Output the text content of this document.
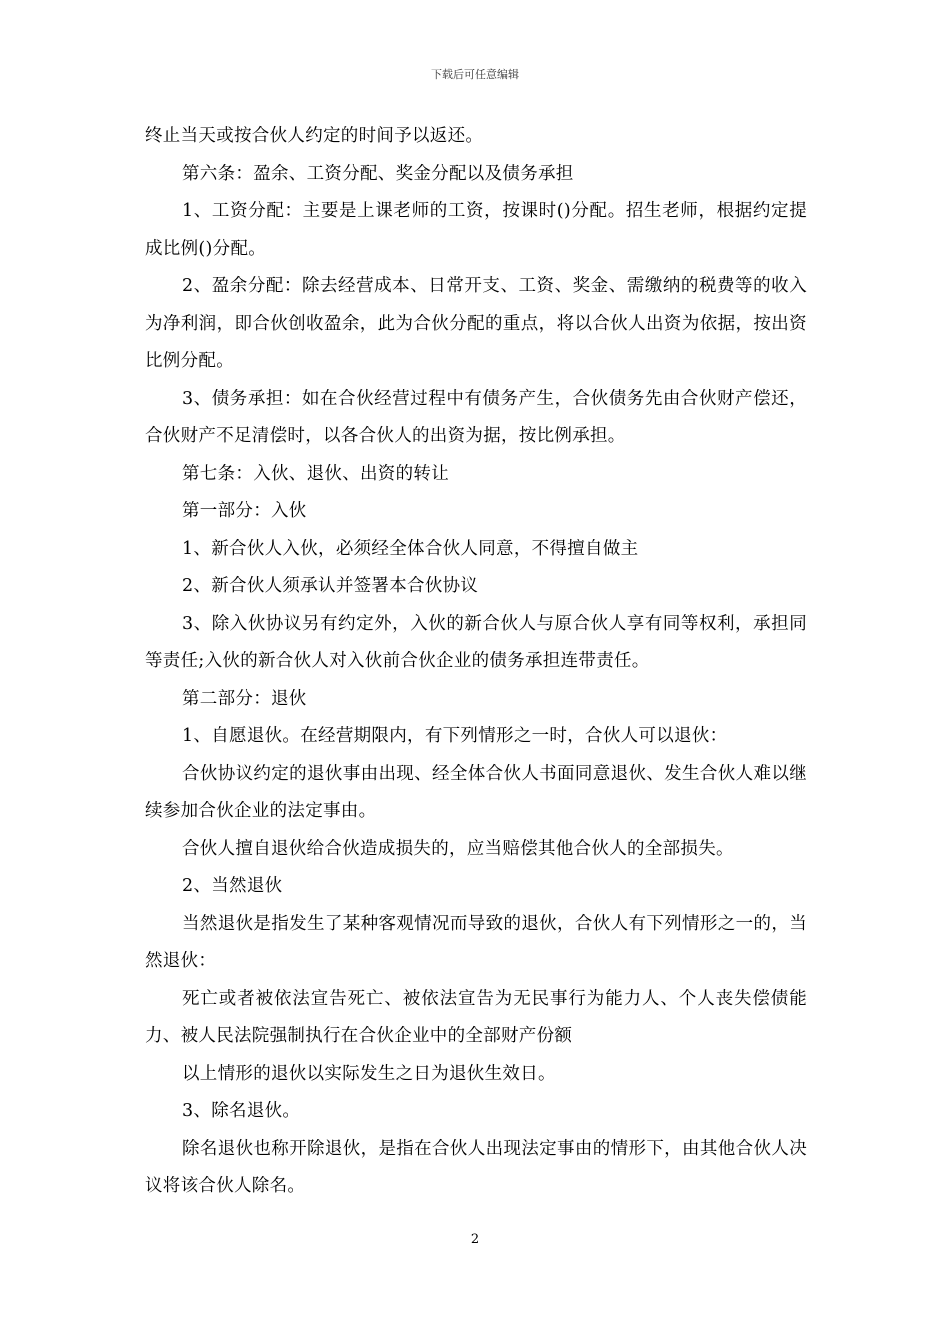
下载后可任意编辑

终止当天或按合伙人约定的时间予以返还。

第六条：盈余、工资分配、奖金分配以及债务承担

1、工资分配：主要是上课老师的工资，按课时()分配。招生老师，根据约定提成比例()分配。

2、盈余分配：除去经营成本、日常开支、工资、奖金、需缴纳的税费等的收入为净利润，即合伙创收盈余，此为合伙分配的重点，将以合伙人出资为依据，按出资比例分配。

3、债务承担：如在合伙经营过程中有债务产生，合伙债务先由合伙财产偿还，合伙财产不足清偿时，以各合伙人的出资为据，按比例承担。

第七条：入伙、退伙、出资的转让

第一部分：入伙

1、新合伙人入伙，必须经全体合伙人同意，不得擅自做主

2、新合伙人须承认并签署本合伙协议

3、除入伙协议另有约定外，入伙的新合伙人与原合伙人享有同等权利，承担同等责任;入伙的新合伙人对入伙前合伙企业的债务承担连带责任。

第二部分：退伙

1、自愿退伙。在经营期限内，有下列情形之一时，合伙人可以退伙：

合伙协议约定的退伙事由出现、经全体合伙人书面同意退伙、发生合伙人难以继续参加合伙企业的法定事由。

合伙人擅自退伙给合伙造成损失的，应当赔偿其他合伙人的全部损失。

2、当然退伙

当然退伙是指发生了某种客观情况而导致的退伙，合伙人有下列情形之一的，当然退伙：

死亡或者被依法宣告死亡、被依法宣告为无民事行为能力人、个人丧失偿债能力、被人民法院强制执行在合伙企业中的全部财产份额

以上情形的退伙以实际发生之日为退伙生效日。

3、除名退伙。

除名退伙也称开除退伙，是指在合伙人出现法定事由的情形下，由其他合伙人决议将该合伙人除名。

2
